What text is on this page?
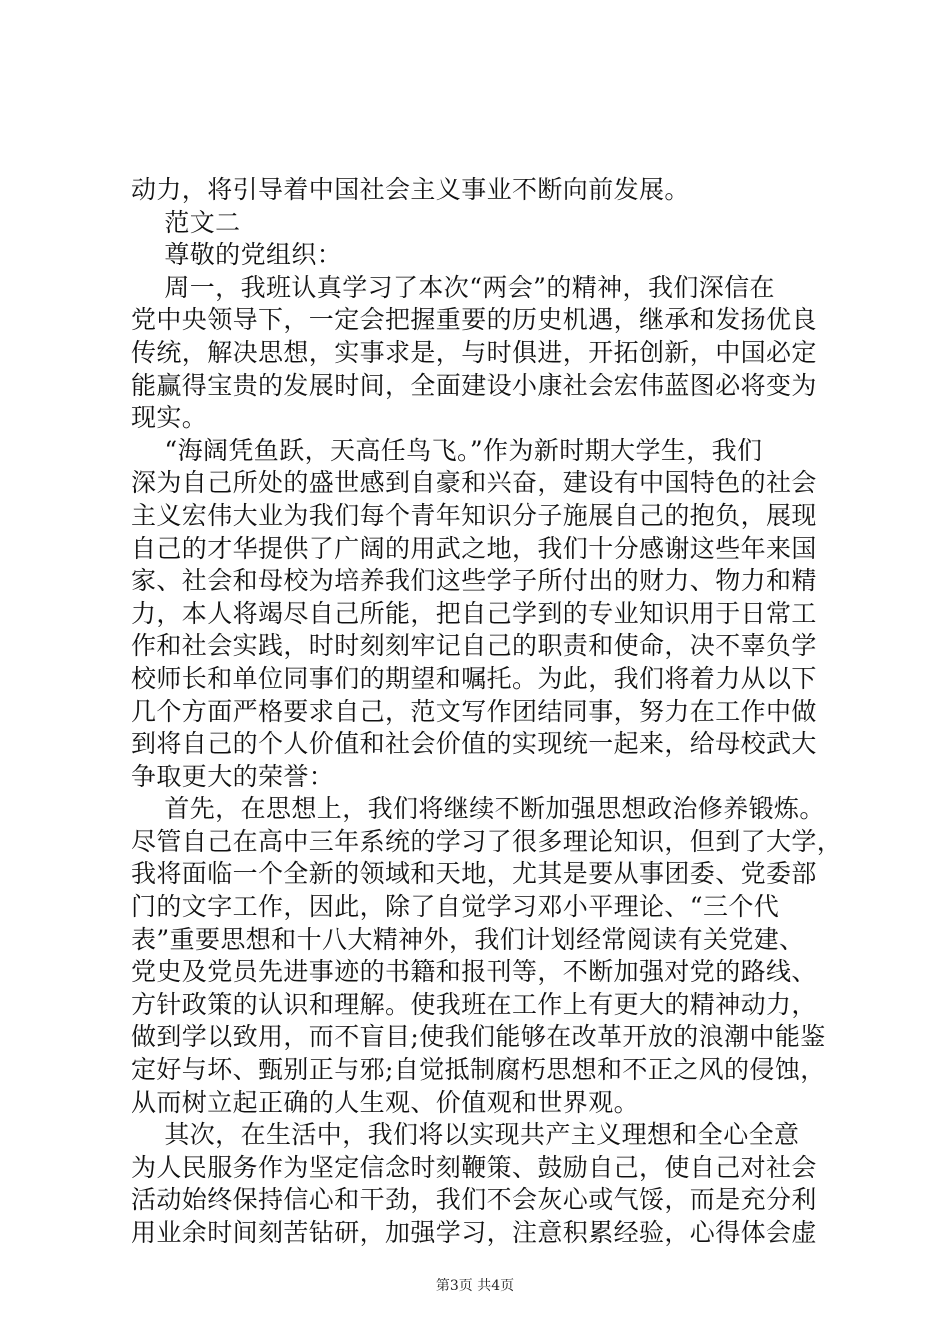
动力，将引导着中国社会主义事业不断向前发展。
范文二
尊敬的党组织：
周一，我班认真学习了本次“两会”的精神，我们深信在
党中央领导下，一定会把握重要的历史机遇，继承和发扬优良
传统，解决思想，实事求是，与时俱进，开拓创新，中国必定
能赢得宝贵的发展时间，全面建设小康社会宏伟蓝图必将变为
现实。
“海阔凭鱼跃，天高任鸟飞。”作为新时期大学生，我们
深为自己所处的盛世感到自豪和兴奋，建设有中国特色的社会
主义宏伟大业为我们每个青年知识分子施展自己的抱负，展现
自己的才华提供了广阔的用武之地，我们十分感谢这些年来国
家、社会和母校为培养我们这些学子所付出的财力、物力和精
力，本人将竭尽自己所能，把自己学到的专业知识用于日常工
作和社会实践，时时刻刻牢记自己的职责和使命，决不辜负学
校师长和单位同事们的期望和嘱托。为此，我们将着力从以下
几个方面严格要求自己，范文写作团结同事，努力在工作中做
到将自己的个人价值和社会价值的实现统一起来，给母校武大
争取更大的荣誉：
首先，在思想上，我们将继续不断加强思想政治修养锻炼。
尽管自己在高中三年系统的学习了很多理论知识，但到了大学，
我将面临一个全新的领域和天地，尤其是要从事团委、党委部
门的文字工作，因此，除了自觉学习邓小平理论、“三个代
表”重要思想和十八大精神外，我们计划经常阅读有关党建、
党史及党员先进事迹的书籍和报刊等，不断加强对党的路线、
方针政策的认识和理解。使我班在工作上有更大的精神动力，
做到学以致用，而不盲目;使我们能够在改革开放的浪潮中能鉴
定好与坏、甄别正与邪;自觉抵制腐朽思想和不正之风的侵蚀，
从而树立起正确的人生观、价值观和世界观。
其次，在生活中，我们将以实现共产主义理想和全心全意
为人民服务作为坚定信念时刻鞭策、鼓励自己，使自己对社会
活动始终保持信心和干劲，我们不会灰心或气馁，而是充分利
用业余时间刻苦钻研，加强学习，注意积累经验，心得体会虚
第3页 共4页
